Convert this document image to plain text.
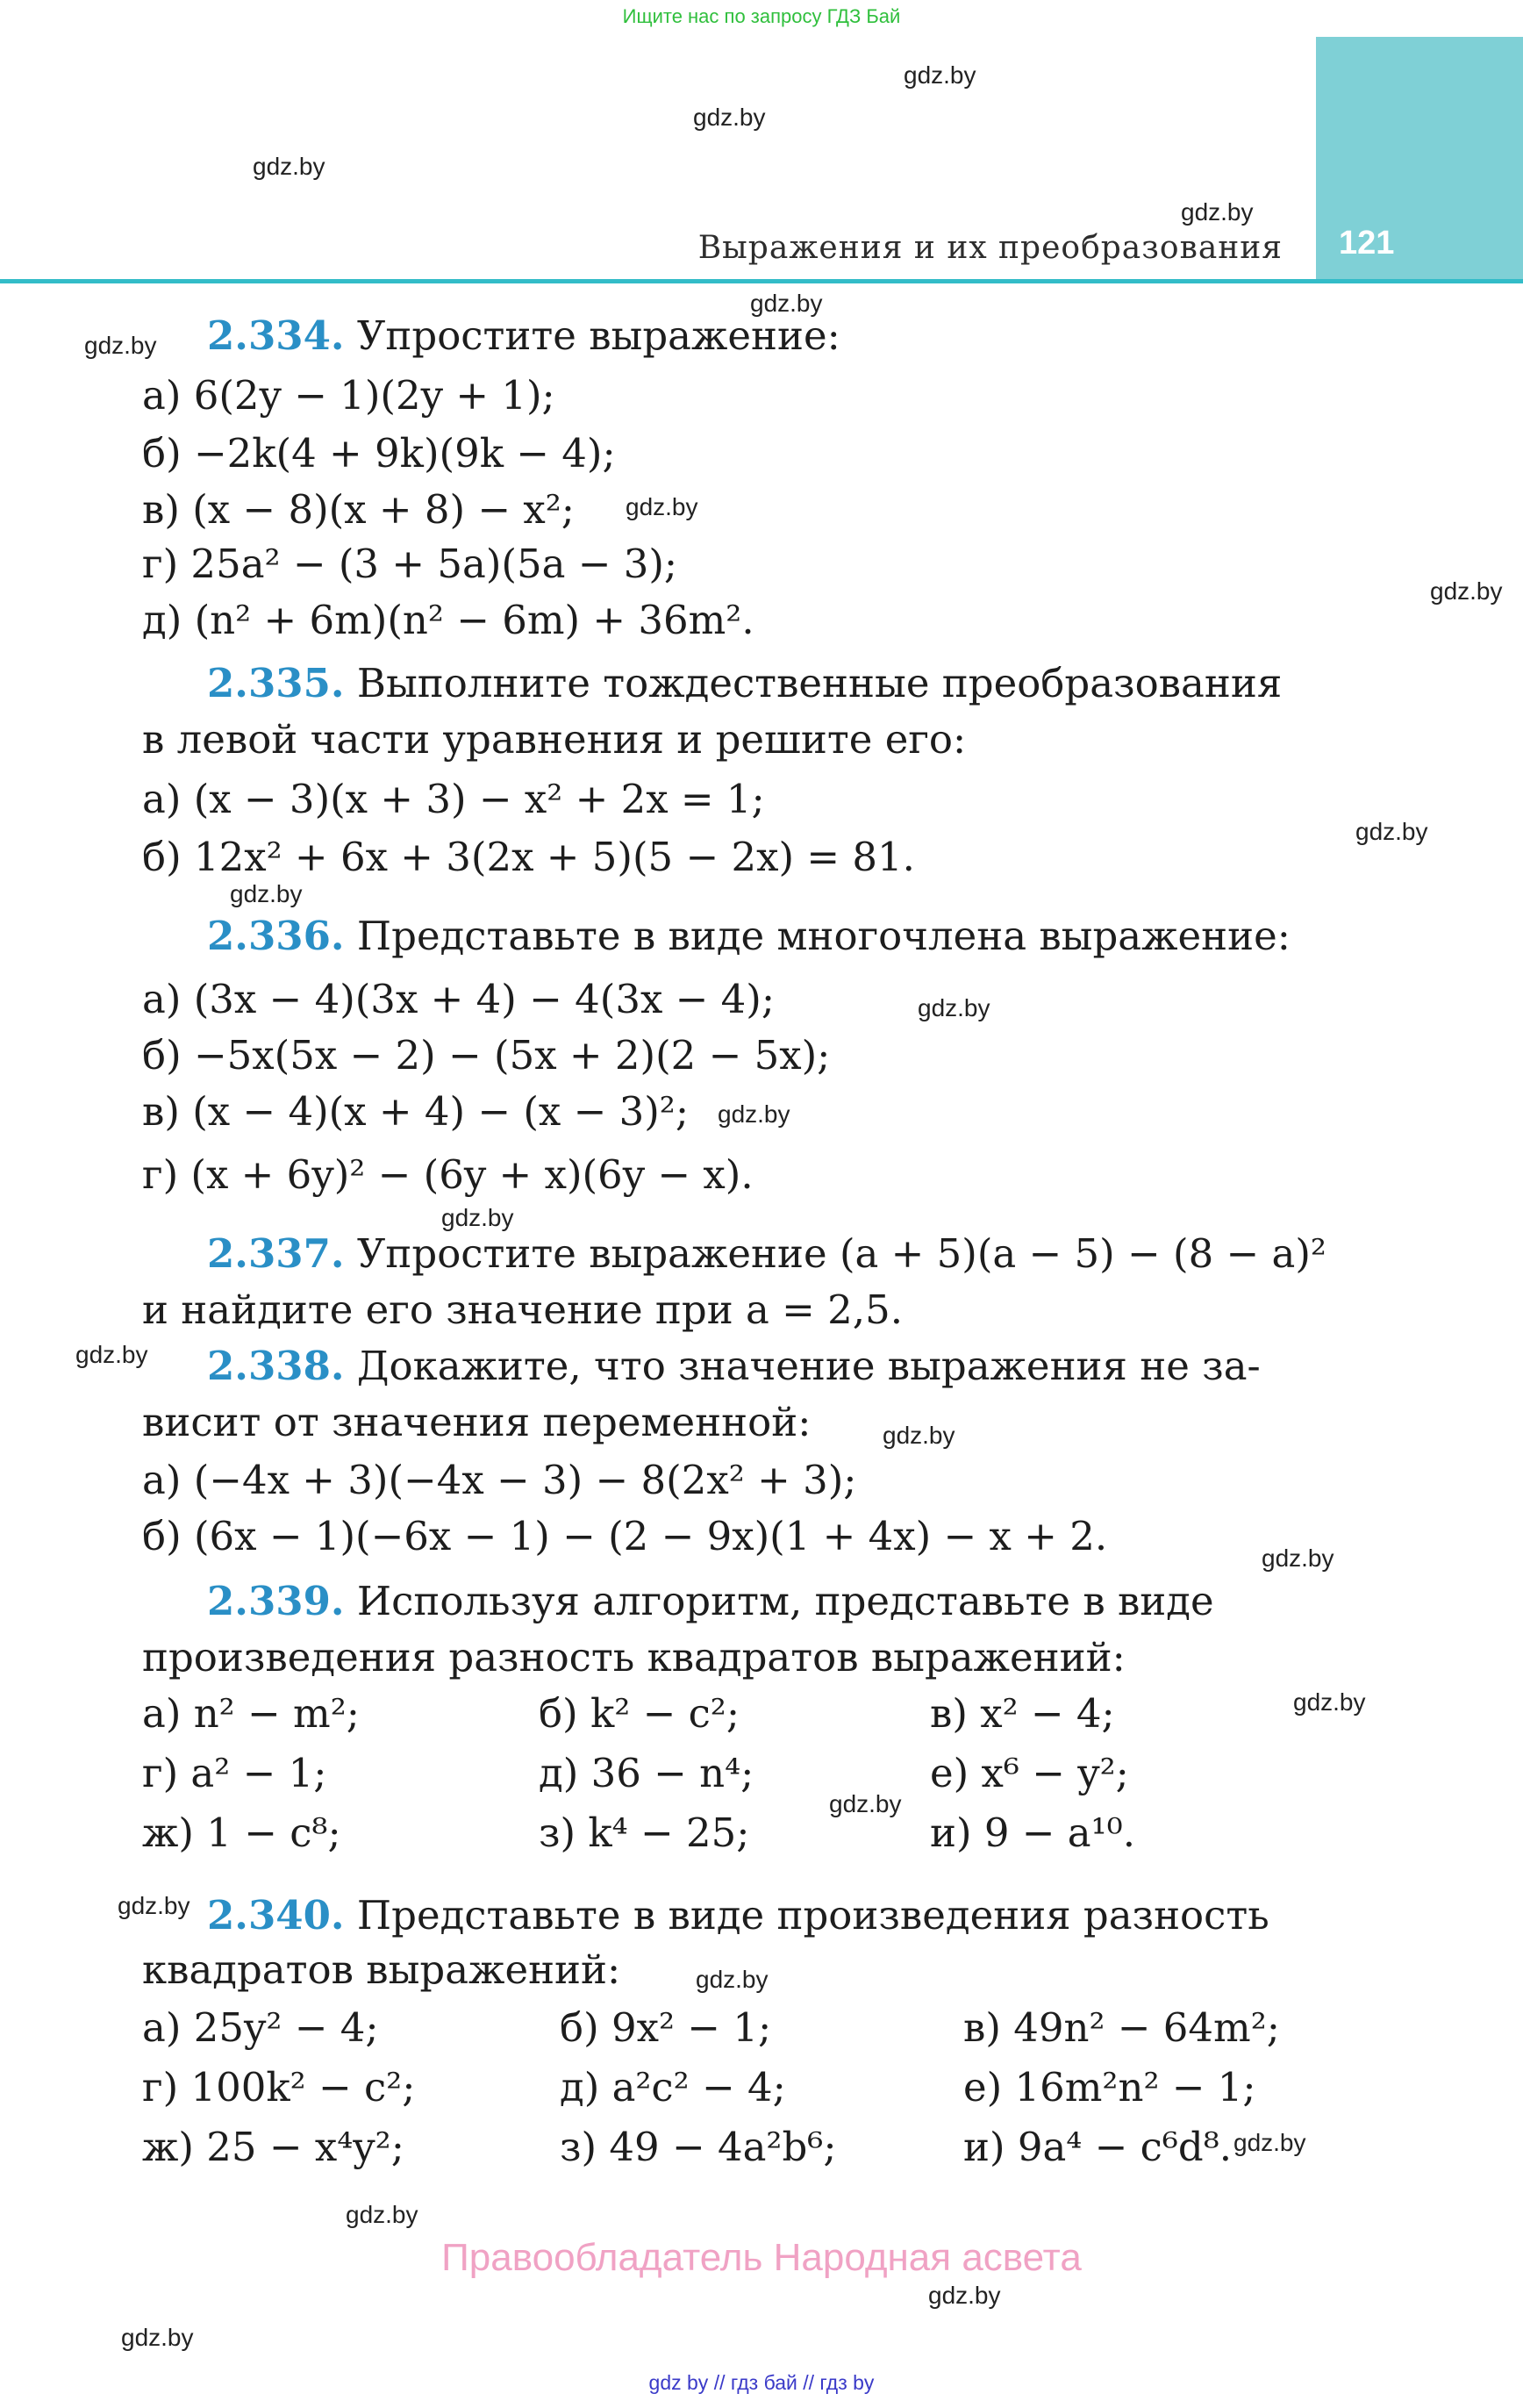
Ищите нас по запросу ГДЗ Бай
121
Выражения и их преобразования
gdz.by
gdz.by
gdz.by
gdz.by
gdz.by
gdz.by
gdz.by
gdz.by
gdz.by
gdz.by
gdz.by
gdz.by
gdz.by
gdz.by
gdz.by
gdz.by
gdz.by
gdz.by
gdz.by
gdz.by
gdz.by
gdz.by
gdz.by
gdz.by
2.334. Упростите выражение:
а) 6(2y − 1)(2y + 1);
б) −2k(4 + 9k)(9k − 4);
в) (x − 8)(x + 8) − x²;
г) 25a² − (3 + 5a)(5a − 3);
д) (n² + 6m)(n² − 6m) + 36m².
2.335. Выполните тождественные преобразования
в левой части уравнения и решите его:
а) (x − 3)(x + 3) − x² + 2x = 1;
б) 12x² + 6x + 3(2x + 5)(5 − 2x) = 81.
2.336. Представьте в виде многочлена выражение:
а) (3x − 4)(3x + 4) − 4(3x − 4);
б) −5x(5x − 2) − (5x + 2)(2 − 5x);
в) (x − 4)(x + 4) − (x − 3)²;
г) (x + 6y)² − (6y + x)(6y − x).
2.337. Упростите выражение (a + 5)(a − 5) − (8 − a)²
и найдите его значение при a = 2,5.
2.338. Докажите, что значение выражения не за-
висит от значения переменной:
а) (−4x + 3)(−4x − 3) − 8(2x² + 3);
б) (6x − 1)(−6x − 1) − (2 − 9x)(1 + 4x) − x + 2.
2.339. Используя алгоритм, представьте в виде
произведения разность квадратов выражений:
а) n² − m²;	б) k² − c²;	в) x² − 4;
г) a² − 1;	д) 36 − n⁴;	е) x⁶ − y²;
ж) 1 − c⁸;	з) k⁴ − 25;	и) 9 − a¹⁰.
2.340. Представьте в виде произведения разность
квадратов выражений:
а) 25y² − 4;	б) 9x² − 1;	в) 49n² − 64m²;
г) 100k² − c²;	д) a²c² − 4;	е) 16m²n² − 1;
ж) 25 − x⁴y²;	з) 49 − 4a²b⁶;	и) 9a⁴ − c⁶d⁸.
Правообладатель Народная асвета
gdz by // гдз бай // гдз by
